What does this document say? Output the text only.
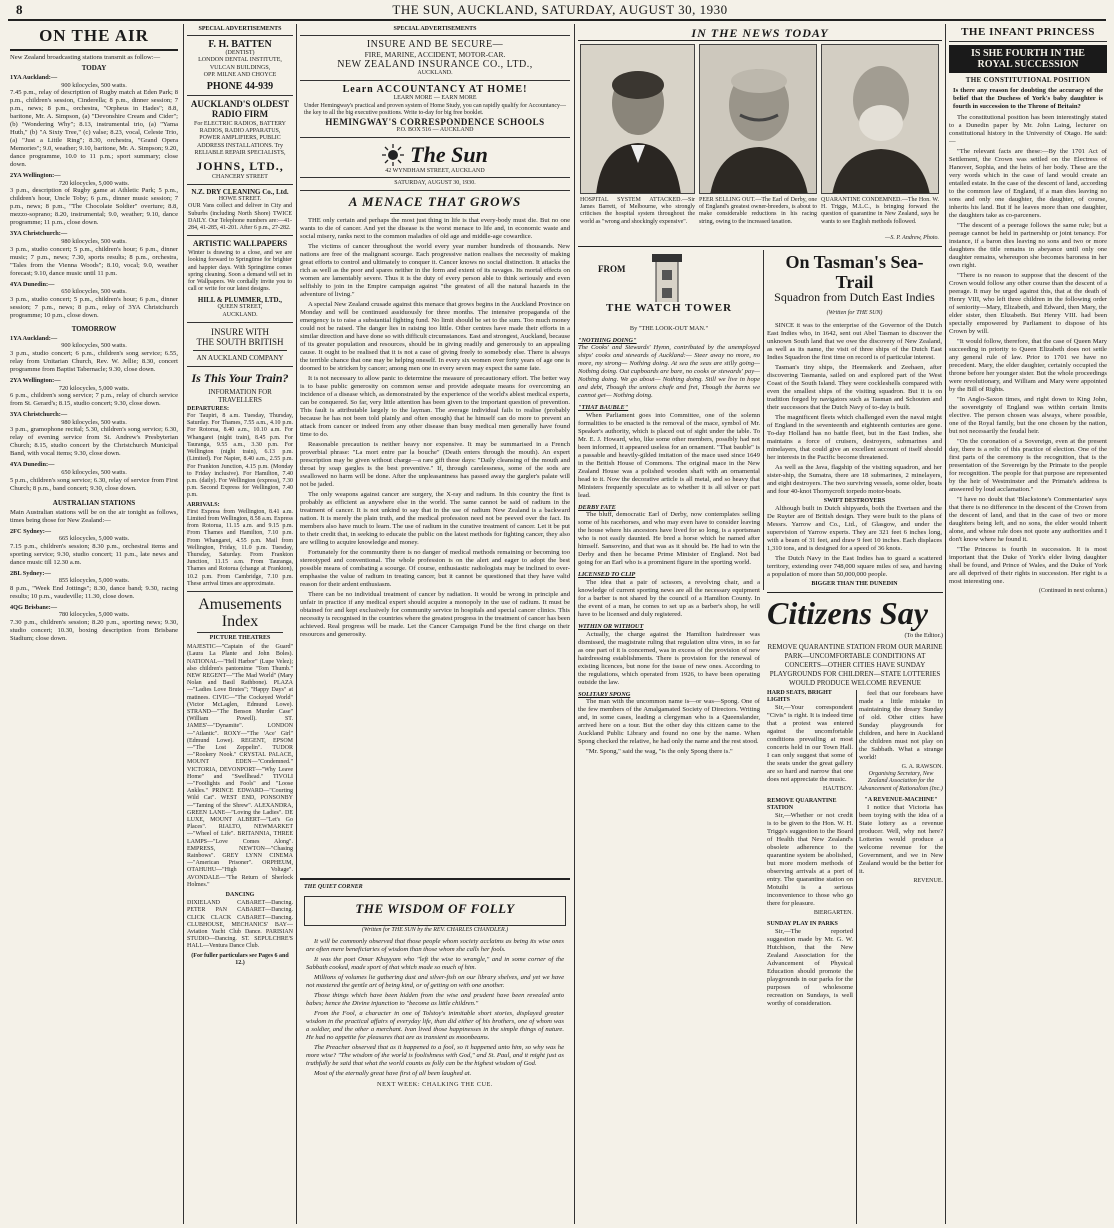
8	THE SUN, AUCKLAND, SATURDAY, AUGUST 30, 1930
ON THE AIR
New Zealand broadcasting stations transmit as follow:—
TODAY
1YA Auckland:—
900 kilocycles, 500 watts.
7.45 p.m., relay of description of Rugby match at Eden Park; 8 p.m., children's session, Cinderella; 8 p.m., dinner session; 7 p.m., news; 8 p.m., orchestra, "Orpheus in Hades"; 8.8, baritone, Mr. A. Simpson, (a) "Devonshire Cream and Cider"; (b) "Wondering Why"; 8.13, instrumental trio, (a) "Yama Huth," (b) "A Sixty Tree," (c) valse; 8.23, vocal, Celeste Trio, (a) "Just a Little Ring"; 8.30, orchestra, "Grand Opera Memories"; 9.0, weather; 9.10, baritone, Mr. A. Simpson; 9.20, dance programme, 10.0 to 11 p.m.; sport summary; close down.
2YA Wellington:—
720 kilocycles, 5,000 watts.
3 p.m., description of Rugby game at Athletic Park; 5 p.m., children's hour, Uncle Toby; 6 p.m., dinner music session; 7 p.m., news; 8 p.m., "The Chocolate Soldier" overture; 8.8, mezzo-soprano; 8.20, instrumental; 9.0, weather; 9.10, dance programme; 11 p.m., close down.
3YA Christchurch:—
980 kilocycles, 500 watts.
3 p.m., studio concert; 5 p.m., children's hour; 6 p.m., dinner music; 7 p.m., news; 7.30, sports results; 8 p.m., orchestra, "Tales from the Vienna Woods"; 8.10, vocal; 9.0, weather forecast; 9.10, dance music until 11 p.m.
4YA Dunedin:—
650 kilocycles, 500 watts.
3 p.m., studio concert; 5 p.m., children's hour; 6 p.m., dinner session; 7 p.m., news; 8 p.m., relay of 3YA Christchurch programme; 10 p.m., close down.
TOMORROW
1YA Auckland:—
900 kilocycles, 500 watts.
3 p.m., studio concert; 6 p.m., children's song service; 6.55, relay from Unitarian Church, Rev. W. Jellie; 8.30, concert programme from Baptist Tabernacle; 9.30, close down.
2YA Wellington:—
720 kilocycles, 5,000 watts.
6 p.m., children's song service; 7 p.m., relay of church service from St. Gerard's; 8.15, studio concert; 9.30, close down.
3YA Christchurch:—
980 kilocycles, 500 watts.
3 p.m., gramophone recital; 5.30, children's song service; 6.30, relay of evening service from St. Andrew's Presbyterian Church; 8.15, studio concert by the Christchurch Municipal Band, with vocal items; 9.30, close down.
4YA Dunedin:—
650 kilocycles, 500 watts.
5 p.m., children's song service; 6.30, relay of service from First Church; 8 p.m., band concert; 9.30, close down.
AUSTRALIAN STATIONS
Main Australian stations will be on the air tonight as follows, times being those for New Zealand:—
2FC Sydney:—
665 kilocycles, 5,000 watts.
7.15 p.m., children's session; 8.30 p.m., orchestral items and sporting service; 9.30, studio concert; 11 p.m., late news and dance music till 12.30 a.m.
2BL Sydney:—
855 kilocycles, 5,000 watts.
8 p.m., "Week End Jottings"; 8.30, dance band; 9.30, racing results; 10 p.m., vaudeville; 11.30, close down.
4QG Brisbane:—
780 kilocycles, 5,000 watts.
7.30 p.m., children's session; 8.20 p.m., sporting news; 9.30, studio concert; 10.30, boxing description from Brisbane Stadium; close down.
SPECIAL ADVERTISEMENTS
F. H. BATTEN
(DENTIST)
LONDON DENTAL INSTITUTE,
VULCAN BUILDINGS,
OPP. MILNE AND CHOYCE
PHONE 44-939
AUCKLAND'S OLDEST
RADIO FIRM
For ELECTRIC RADIOS, BATTERY RADIOS, RADIO APPARATUS, POWER AMPLIFIERS, PUBLIC ADDRESS INSTALLATIONS. Try RELIABLE REPAIR SPECIALISTS,
JOHNS, LTD.,
CHANCERY STREET
N.Z. DRY CLEANING Co., Ltd.
HOWE STREET.
OUR Vans collect and deliver in City and Suburbs (including North Shore) TWICE DAILY. Our Telephone numbers are:—41-284, 41-285, 41-201. After 6 p.m., 27-282.
ARTISTIC WALLPAPERS
Winter is drawing to a close, and we are looking forward to Springtime for brighter and happier days. With Springtime comes spring cleaning. Soon a demand will set in for Wallpapers. We cordially invite you to call or write for our latest designs.
HILL & PLUMMER, LTD.,
QUEEN STREET,
AUCKLAND.
INSURE WITH
THE SOUTH BRITISH
AN AUCKLAND COMPANY
Is This Your Train?
INFORMATION FOR TRAVELLERS
DEPARTURES:
For Taupiri, 8 a.m. Tuesday, Thursday, Saturday. For Thames, 7.55 a.m., 4.10 p.m. For Rotorua, 8.40 a.m., 10.10 a.m. For Whangarei (night train), 8.45 p.m. For Tauranga, 9.55 a.m., 3.30 p.m. For Wellington (night train), 6.13 p.m. (Limited). For Napier, 8.40 a.m., 2.55 p.m. For Frankton Junction, 4.15 p.m. (Monday to Friday inclusive). For Hamilton, 7.40 p.m. (daily). For Wellington (express), 7.30 p.m. Second Express for Wellington, 7.40 p.m.
ARRIVALS:
First Express from Wellington, 8.41 a.m. Limited from Wellington, 8.58 a.m. Express from Rotorua, 11.15 a.m. and 9.15 p.m. From Thames and Hamilton, 7.10 p.m. From Whangarei, 4.55 p.m. Mail from Wellington, Friday, 11.0 p.m. Tuesday, Thursday, Saturday. From Frankton Junction, 11.15 a.m. From Tauranga, Thames and Rotorua (change at Frankton), 10.2 p.m. From Cambridge, 7.10 p.m. These arrival times are approximate.
Amusements Index
PICTURE THEATRES
MAJESTIC—"Captain of the Guard" (Laura La Plante and John Boles). NATIONAL—"Hell Harbor" (Lupe Velez); also children's pantomime "Tom Thumb." NEW REGENT—"The Mad World" (Mary Nolan and Basil Rathbone). PLAZA—"Ladies Love Brutes"; "Happy Days" at matinees. CIVIC—"The Cockeyed World" (Victor McLaglen, Edmund Lowe). STRAND—"The Benson Murder Case" (William Powell). ST. JAMES'—"Dynamite". LONDON—"Atlantic". ROXY—"The 'Ace' Girl" (Edmund Lowe). REGENT, EPSOM—"The Lost Zeppelin". TUDOR—"Rookery Nook." CRYSTAL PALACE, MOUNT EDEN—"Condemned." VICTORIA, DEVONPORT—"Why Leave Home" and "Swellhead." TIVOLI—"Footlights and Fools" and "Loose Ankles." PRINCE EDWARD—"Courting Wild Cat". WEST END, PONSONBY—"Taming of the Shrew". ALEXANDRA, GREEN LANE—"Loving the Ladies". DE LUXE, MOUNT ALBERT—"Let's Go Places". RIALTO, NEWMARKET—"Wheel of Life". BRITANNIA, THREE LAMPS—"Love Comes Along". EMPRESS, NEWTON—"Chasing Rainbows". GREY LYNN CINEMA—"American Prisoner". ORPHEUM, OTAHUHU—"High Voltage". AVONDALE—"The Return of Sherlock Holmes."
DANCING
DIXIELAND CABARET—Dancing. PETER PAN CABARET—Dancing. CLICK CLACK CABARET—Dancing. CLUBHOUSE, MECHANICS' BAY—Aviation Yacht Club Dance. PARISIAN STUDIO—Dancing. ST. SEPULCHRE'S HALL—Ventura Dance Club.
(For fuller particulars see Pages 6 and 12.)
SPECIAL ADVERTISEMENTS
INSURE AND BE SECURE—
FIRE, MARINE, ACCIDENT, MOTOR-CAR.
NEW ZEALAND INSURANCE CO., LTD.,
AUCKLAND.
Learn ACCOUNTANCY AT HOME!
LEARN MORE — EARN MORE
Under Hemingway's practical and proven system of Home Study, you can rapidly qualify for Accountancy—the key to all the big executive positions. Write to-day for big free booklet.
HEMINGWAY'S CORRESPONDENCE SCHOOLS
P.O. BOX 516 — AUCKLAND
The Sun
42 WYNDHAM STREET, AUCKLAND
SATURDAY, AUGUST 30, 1930.
A MENACE THAT GROWS
THE only certain and perhaps the most just thing in life is that every-body must die. But no one wants to die of cancer. And yet the disease is the worst menace to life and, in economic waste and social misery, ranks next to the common maladies of old age and middle-age cowardice.
The victims of cancer throughout the world every year number hundreds of thousands. New nations are free of the malignant scourge. Each progressive nation realises the necessity of making great efforts to control and ultimately to conquer it. Cancer knows no social distinction. It attacks the rich as well as the poor and spares neither in the form and extent of its ravages. Its mortal effects on women are lamentably severe. Thus it is the duty of every person able to think seriously and even selfishly to join in the Empire campaign against "the greatest of all the natural hazards in the adventure of living."
A special New Zealand crusade against this menace that grows begins in the Auckland Province on Monday and will be continued assiduously for three months. The intensive propaganda of the emergency is to raise a substantial fighting fund. No limit should be set to the sum. Too much money could not be raised. The danger lies in raising too little. Other centres have made their efforts in a similar direction and have done so with difficult circumstances. East and strongest, Auckland, because of its greater population and resources, should be in giving readily and generously to an appealing cause. It ought to be realised that it is not a case of giving freely to somebody else. There is always the terrible chance that one may be helping oneself. In every six women over forty years of age one is doomed to be stricken by cancer; among men one in every seven may expect the same fate.
It is not necessary to allow panic to determine the measure of precautionary effort. The better way is to base public generosity on common sense and provide adequate means for overcoming an incidence of a disease which, as demonstrated by the experience of the world's ablest medical experts, can be conquered. So far, very little attention has been given to the important question of prevention. This fault is attributable largely to the layman. The average individual fails to realise (probably because he has not been told plainly and often enough) that he himself can do more to prevent an attack from cancer or indeed from any other disease than busy medical men generally have found time to do.
Reasonable precaution is neither heavy nor expensive. It may be summarised in a French proverbial phrase: "La mort entre par la bouche" (Death enters through the mouth). An expert prescription may be given without charge—a rare gift these days: "Daily cleansing of the mouth and throat by soap gargles is the best preventive." If, through carelessness, some of the sods are swallowed no harm will be done. After the unpleasantness has passed away the gargler's palate will not be jaded.
The only weapons against cancer are surgery, the X-ray and radium. In this country the first is probably as efficient as anywhere else in the world. The same cannot be said of radium in the treatment of cancer. It is not unkind to say that in the use of radium New Zealand is a backward nation. It is merely the plain truth, and the medical profession need not be peeved over the fact. Its members also have much to learn. The use of radium in the curative treatment of cancer. Let it be put to their credit that, in seeking to educate the public on the latest methods for fighting cancer, they also are willing to acquire knowledge and money.
Fortunately for the community there is no danger of medical methods remaining or becoming too stereotyped and conventional. The whole profession is on the alert and eager to adopt the best possible means of combating a scourge. Of course, enthusiastic radiologists may be inclined to over-emphasise the value of radium in treating cancer, but it cannot be questioned that they have valid reason for their ardent enthusiasm.
There can be no individual treatment of cancer by radiation. It would be wrong in principle and unfair in practice if any medical expert should acquire a monopoly in the use of radium. It must be obtained for and kept exclusively for community service in hospitals and special cancer clinics. This necessity is recognised in the countries where the greatest progress in the treatment of cancer has been achieved. Real progress will be made. Let the Cancer Campaign Fund be the first charge on their resources and generosity.
THE QUIET CORNER
THE WISDOM OF FOLLY
(Written for THE SUN by the REV. CHARLES CHANDLER.)
It will be commonly observed that those people whom society acclaims as being its wise ones are often mere beneficiaries of wisdom than those whom she calls her fools.
It was the poet Omar Khayyam who "left the wise to wrangle," and in some corner of the Sabbath cooked, made sport of that which made so much of him.
Millions of volumes lie gathering dust and silver-fish on our library shelves, and yet we have not mastered the gentle art of being kind, or of getting on with one another.
Those things which have been hidden from the wise and prudent have been revealed unto babes; hence the Divine injunction to "become as little children."
From the Fool, a character in one of Tolstoy's inimitable short stories, displayed greater wisdom in the practical affairs of everyday life, than did either of his brothers, one of whom was a soldier, and the other a merchant. Ivan lived those happinesses in the simple things of nature. He had no appetite for pleasures that are as transient as moonbeams.
The Preacher observed that as it happened to a fool, so it happened unto him, so why was he more wise? "The wisdom of the world is foolishness with God," and St. Paul, and it might just as truthfully be said that what the world counts as folly can be the highest wisdom of God.
Most of the eternally great have first of all been laughed at.
NEXT WEEK: CHALKING THE CUE.
IN THE NEWS TODAY
HOSPITAL SYSTEM ATTACKED.—Sir James Barrett, of Melbourne, who strongly criticises the hospital system throughout the world as "wrong and shockingly expensive".
PEER SELLING OUT.—The Earl of Derby, one of England's greatest owner-breeders, is about to make considerable reductions in his racing string, owing to the increased taxation.
QUARANTINE CONDEMNED.—The Hon. W. H. Triggs, M.L.C., is bringing forward the question of quarantine in New Zealand, says he wants to see English methods followed.
—S. P. Andrew, Photo.
FROM
THE WATCH TOWER
By "THE LOOK-OUT MAN."
"NOTHING DOING"
The Cooks' and Stewards' Hymn, contributed by the unemployed ships' cooks and stewards of Auckland:— Steer away no more, no more, my strong— Nothing doing. At sea the seas are stilly going— Nothing doing. Out cupboards are bare, no cooks or stewards' pay— Nothing doing. We go about— Nothing doing. Still we live in hope and debt, Though the unions chafe and fret, Though the barns we cannot get— Nothing doing.
"THAT BAUBLE"
When Parliament goes into Committee, one of the solemn formalities to be enacted is the removal of the mace, symbol of Mr. Speaker's authority, which is placed out of sight under the table. To Mr. E. J. Howard, who, like some other members, possibly had not been informed, it appeared useless for an ornament. "That bauble" is a passable and heavily-gilded imitation of the mace used since 1649 in the British House of Commons. The original mace in the New Zealand House was a polished wooden shaft with an ornamental head to it. Now the decorative article is all metal, and so heavy that Ministers frequently speculate as to whether it is all silver or part lead.
DERBY FATE
The bluff, democratic Earl of Derby, now contemplates selling some of his racehorses, and who may even have to consider leaving the house where his ancestors have lived for so long, is a sportsman who is not easily daunted. He bred a horse which he named after himself. Sansovino, and that was as it should be. He had to win the Derby and then he became Prime Minister of England. Not bad going for an Earl who is a prominent figure in the sporting world.
LICENSED TO CLIP
The idea that a pair of scissors, a revolving chair, and a knowledge of current sporting news are all the necessary equipment for a barber is not shared by the council of a Hamilton County. In the event of a man, he comes to set up as a barber's shop, he will have to be licensed and duly registered.
WITHIN OR WITHOUT
Actually, the charge against the Hamilton hairdresser was dismissed, the magistrate ruling that regulation ultra vires, in so far as one part of it is concerned, was in excess of the provision of new hairdressing establishments. There is provision for the renewal of existing licences, but none for the issue of new ones. According to the regulations, which operated from 1926, to have been operating outside the law.
SOLITARY SPONG
The man with the uncommon name is—or was—Spong. One of the few members of the Amalgamated Society of Directors. Writing and, in some cases, leading a clergyman who is a Queenslander, arrived here on a tour. But the other day this citizen came to the Auckland Public Library and found no one by the name. When Spong checked the relative, he had only the name and the rest stood.
"Mr. Spong," said the wag, "is the only Spong there is."
On Tasman's Sea-Trail
Squadron from Dutch East Indies
(Written for THE SUN)
SINCE it was to the enterprise of the Governor of the Dutch East Indies who, in 1642, sent out Abel Tasman to discover the unknown South land that we owe the discovery of New Zealand, as well as its name, the visit of three ships of the Dutch East Indies Squadron the first time on record is of particular interest.
Tasman's tiny ships, the Heemskerk and Zeehaen, after discovering Tasmania, sailed on and explored part of the West Coast of the South Island. They were cockleshells compared with even the smallest ships of the visiting squadron. But it is on tradition forged by navigators such as Tasman and Schouten and their successors that the Dutch Navy of to-day is built.
The magnificent fleets which challenged even the naval might of England in the seventeenth and eighteenth centuries are gone. To-day Holland has no battle fleet, but in the East Indies, she maintains a force of cruisers, destroyers, submarines and minelayers, that could give an excellent account of itself should her interests in the Pacific become threatened.
As well as the Java, flagship of the visiting squadron, and her sister-ship, the Sumatra, there are 18 submarines, 2 minelayers, and eight destroyers. The two surviving vessels, some older, boats and four 40-knot Thornycroft torpedo motor-boats.
SWIFT DESTROYERS
Although built in Dutch shipyards, both the Evertsen and the De Ruyter are of British design. They were built to the plans of Messrs. Yarrow and Co., Ltd., of Glasgow, and under the supervision of Yarrow experts. They are 321 feet 6 inches long, with a beam of 31 feet, and draw 9 feet 10 inches. Each displaces 1,310 tons, and is designed for a speed of 36 knots.
The Dutch Navy in the East Indies has to guard a scattered territory, extending over 748,000 square miles of sea, and having a population of more than 50,000,000 people.
BIGGER THAN THE DUNEDIN
Citizens Say
(To the Editor.)
REMOVE QUARANTINE STATION FROM OUR MARINE PARK—UNCOMFORTABLE CONDITIONS AT CONCERTS—OTHER CITIES HAVE SUNDAY PLAYGROUNDS FOR CHILDREN—STATE LOTTERIES WOULD PRODUCE WELCOME REVENUE
HARD SEATS, BRIGHT LIGHTS
Sir,—Your correspondent "Civis" is right. It is indeed time that a protest was entered against the uncomfortable conditions prevailing at most concerts held in our Town Hall. I can only suggest that some of the seats under the great gallery are so hard and narrow that one does not appreciate the music.
HAUTBOY.
REMOVE QUARANTINE STATION
Sir,—Whether or not credit is to be given to the Hon. W. H. Triggs's suggestion to the Board of Health that New Zealand's obsolete adherence to the quarantine system be abolished, but more modern methods of observing arrivals at a port of entry. The quarantine station on Motuihi is a serious inconvenience to those who go there for pleasure.
BIERGARTEN.
SUNDAY PLAY IN PARKS
Sir,—The reported suggestion made by Mr. G. W. Hutchison, that the New Zealand Association for the Advancement of Physical Education should promote the playgrounds in our parks for the purposes of wholesome recreation on Sundays, is well worthy of consideration.
feel that our forebears have made a little mistake in maintaining the dreary Sunday of old. Other cities have Sunday playgrounds for children, and here in Auckland the children must not play on the Sabbath. What a strange world!
G. A. RAWSON.
Organising Secretary, New Zealand Association for the Advancement of Rationalism (Inc.)
"A REVENUE-MACHINE"
I notice that Victoria has been toying with the idea of a State lottery as a revenue producer. Well, why not here? Lotteries would produce a welcome revenue for the Government, and we in New Zealand would be the better for it.
REVENUE.
THE INFANT PRINCESS
IS SHE FOURTH IN THE
ROYAL SUCCESSION
THE CONSTITUTIONAL POSITION
Is there any reason for doubting the accuracy of the belief that the Duchess of York's baby daughter is fourth in succession to the Throne of Britain?
The constitutional position has been interestingly stated to a Dunedin paper by Mr. John Laing, lecturer on constitutional history in the University of Otago. He said:—
"The relevant facts are these:—By the 1701 Act of Settlement, the Crown was settled on the Electress of Hanover, Sophia, and the heirs of her body. These are the very words which in the case of land would create an entailed estate. In the case of the descent of land, according to the common law of England, if a man dies leaving no sons and only one daughter, the daughter, of course, inherits his land. But if he leaves more than one daughter, the daughters take as co-parceners.
"The descent of a peerage follows the same rule; but a peerage cannot be held in partnership or joint tenancy. For instance, if a baron dies leaving no sons and two or more daughters the title remains in abeyance until only one daughter remains, whereupon she becomes baroness in her own right.
"There is no reason to suppose that the descent of the Crown would follow any other course than the descent of a peerage. It may be urged against this, that at the death of Henry VIII, who left three children in the following order of seniority—Mary, Elizabeth, and Edward, then Mary, the elder sister, then Elizabeth. But Henry VIII. had been specially empowered by Parliament to dispose of his Crown by will.
"It would follow, therefore, that the case of Queen Mary succeeding in priority to Queen Elizabeth does not settle any general rule of law. Prior to 1701 we have no precedent. Mary, the elder daughter, certainly occupied the throne before her younger sister. But the whole proceedings were revolutionary, and William and Mary were appointed by the Bill of Rights.
"In Anglo-Saxon times, and right down to King John, the sovereignty of England was within certain limits elective. The person chosen was always, where possible, one of the Royal family, but the one chosen by the nation, but not necessarily the feudal heir.
"On the coronation of a Sovereign, even at the present day, there is a relic of this practice of election. One of the first parts of the ceremony is the recognition, that is the presentation of the Sovereign by the Primate to the people for recognition. The people for that purpose are represented by the heir of Westminster and the Primate's address is answered by loud acclamation."
"I have no doubt that 'Blackstone's Commentaries' says that there is no difference in the descent of the Crown from the descent of land, and that in the case of two or more daughters being left, and no sons, the elder would inherit alone, and whose rule does not quote any authorities and I don't know where he found it.
"The Princess is fourth in succession. It is most important that the Duke of York's elder living daughter shall be found, and Prince of Wales, and the Duke of York are all deprived of their rights in succession. Her right is a most interesting one.
(Continued in next column.)
